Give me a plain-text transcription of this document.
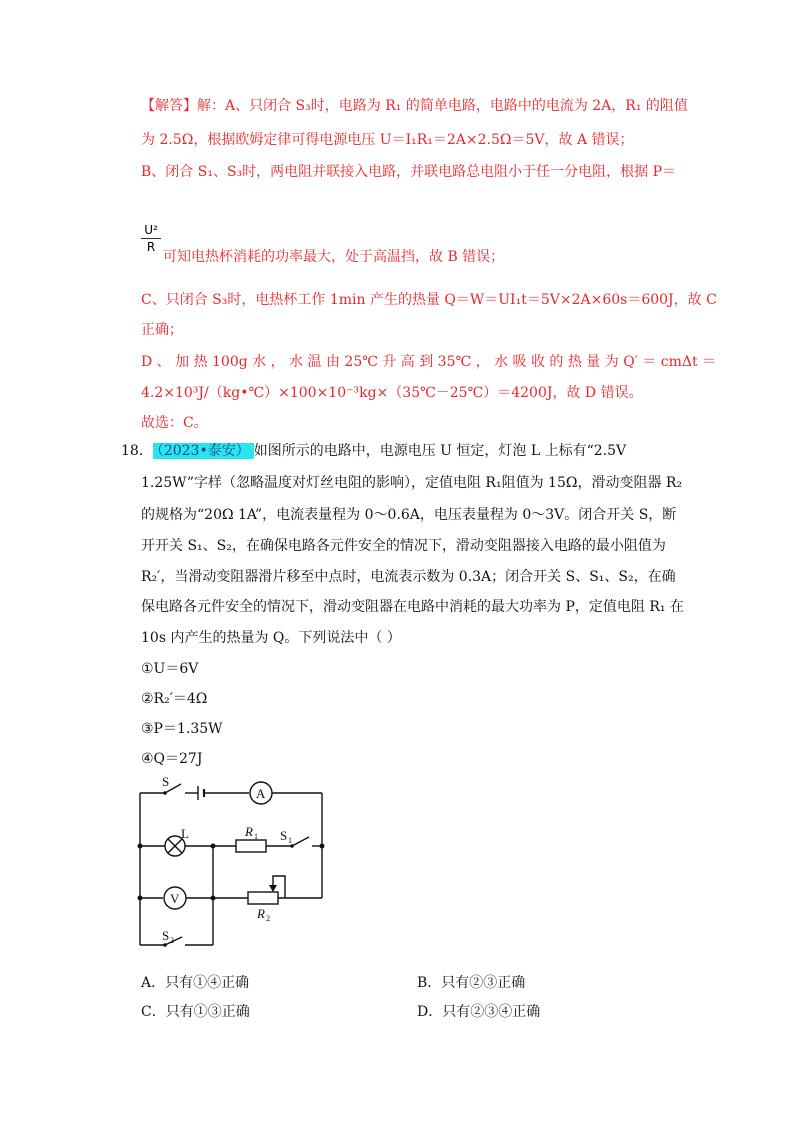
【解答】解：A、只闭合 S₃时，电路为 R₁ 的简单电路，电路中的电流为 2A，R₁ 的阻值
为 2.5Ω，根据欧姆定律可得电源电压 U＝I₁R₁＝2A×2.5Ω＝5V，故 A 错误；
B、闭合 S₁、S₃时，两电阻并联接入电路，并联电路总电阻小于任一分电阻，根据 P＝
$\frac{\text{U²}}{R}$
可知电热杯消耗的功率最大，处于高温挡，故 B 错误；
C、只闭合 S₃时，电热杯工作 1min 产生的热量 Q＝W＝UI₁t＝5V×2A×60s＝600J，故 C
正确；
D 、 加 热 100g 水 ， 水 温 由 25℃ 升 高 到 35℃ ， 水 吸 收 的 热 量 为 Q′ ＝ cmΔt ＝
4.2×10³J/（kg•℃）×100×10⁻³kg×（35℃－25℃）＝4200J，故 D 错误。
故选：C。
18． （2023•泰安） 如图所示的电路中，电源电压 U 恒定，灯泡 L 上标有“2.5V
1.25W”字样（忽略温度对灯丝电阻的影响），定值电阻 R₁阻值为 15Ω，滑动变阻器 R₂
的规格为“20Ω 1A”，电流表量程为 0～0.6A，电压表量程为 0～3V。闭合开关 S，断
开开关 S₁、S₂，在确保电路各元件安全的情况下，滑动变阻器接入电路的最小阻值为
R₂′，当滑动变阻器滑片移至中点时，电流表示数为 0.3A；闭合开关 S、S₁、S₂，在确
保电路各元件安全的情况下，滑动变阻器在电路中消耗的最大功率为 P，定值电阻 R₁ 在
10s 内产生的热量为 Q。下列说法中（ ）
①U＝6V
②R₂′＝4Ω
③P＝1.35W
④Q＝27J
S
A
L	R 1 S 1
V
R 2
S 2
A．只有①④正确	B．只有②③正确
C．只有①③正确	D．只有②③④正确
